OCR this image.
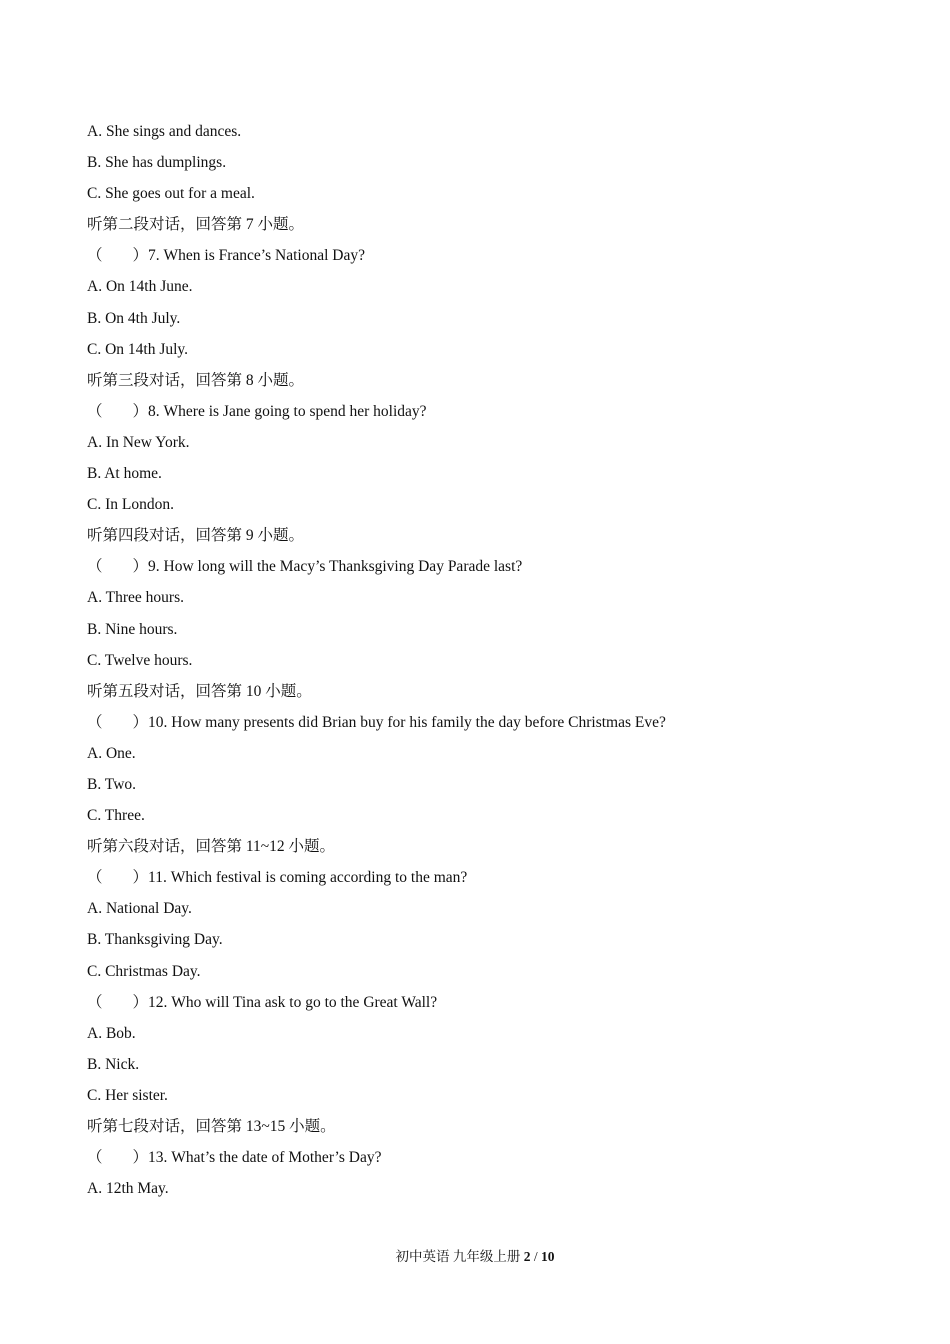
A. She sings and dances.
B. She has dumplings.
C. She goes out for a meal.
听第二段对话，回答第 7 小题。
（ ）7. When is France’s National Day?
A. On 14th June.
B. On 4th July.
C. On 14th July.
听第三段对话，回答第 8 小题。
（ ）8. Where is Jane going to spend her holiday?
A. In New York.
B. At home.
C. In London.
听第四段对话，回答第 9 小题。
（ ）9. How long will the Macy’s Thanksgiving Day Parade last?
A. Three hours.
B. Nine hours.
C. Twelve hours.
听第五段对话，回答第 10 小题。
（ ）10. How many presents did Brian buy for his family the day before Christmas Eve?
A. One.
B. Two.
C. Three.
听第六段对话，回答第 11~12 小题。
（ ）11. Which festival is coming according to the man?
A. National Day.
B. Thanksgiving Day.
C. Christmas Day.
（ ）12. Who will Tina ask to go to the Great Wall?
A. Bob.
B. Nick.
C. Her sister.
听第七段对话，回答第 13~15 小题。
（ ）13. What’s the date of Mother’s Day?
A. 12th May.
初中英语 九年级上册 2 / 10
